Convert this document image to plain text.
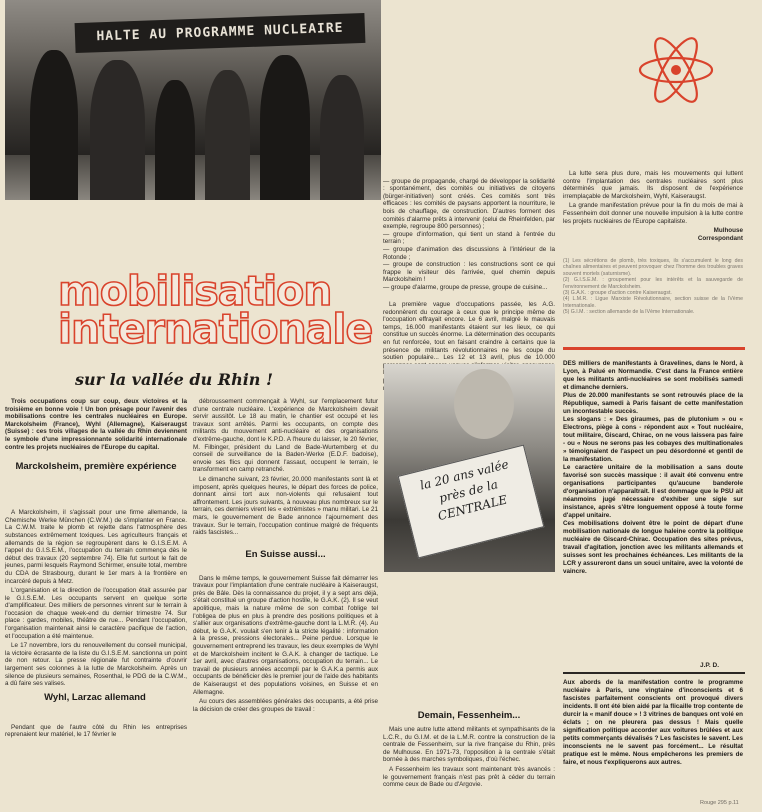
HALTE AU PROGRAMME NUCLEAIRE
mobilisation
internationale
sur la vallée du Rhin !

Trois occupations coup sur coup, deux victoires et la troisième en bonne voie ! Un bon présage pour l'avenir des mobilisations contre les centrales nucléaires en Europe. Marckolsheim (France), Wyhl (Allemagne), Kaiseraugst (Suisse) : ces trois villages de la vallée du Rhin deviennent le symbole d'une impressionnante solidarité internationale contre les projets nucléaires de l'Europe du capital.

Marckolsheim, première expérience

A Marckolsheim, il s'agissait pour une firme allemande, la Chemische Werke München (C.W.M.) de s'implanter en France. La C.W.M. traite le plomb et rejette dans l'atmosphère des substances extrêmement toxiques. Les agriculteurs français et allemands de la région se regroupèrent dans le G.I.S.E.M. A l'appel du G.I.S.E.M., l'occupation du terrain commença dès le début des travaux (20 septembre 74). Elle fut surtout le fait de jeunes, parmi lesquels Raymond Schirmer, ensuite total, membre du CDA de Strasbourg, durant le 1er mars à la frontière en incarcéré depuis à Metz.

L'organisation et la direction de l'occupation était assurée par le G.I.S.E.M. Les occupants servent en quelque sorte d'amplificateur. Des milliers de personnes vinrent sur le terrain à l'occasion de chaque week-end du dernier trimestre 74. Sur place : gardes, mobiles, théâtre de rue... Pendant l'occupation, l'organisation maintenait ainsi le caractère pacifique de l'action, et l'occupation a été maintenue.

Le 17 novembre, lors du renouvellement du conseil municipal, la victoire écrasante de la liste du G.I.S.E.M. sanctionna un point de non retour. La presse régionale fut contrainte d'ouvrir largement ses colonnes à la lutte de Marckolsheim. Après un silence de plusieurs semaines, Rosenthal, le PDG de la C.W.M., a dû faire ses valises.

Wyhl, Larzac allemand

Pendant que de l'autre côté du Rhin les entreprises reprenaient leur matériel, le 17 février le

débroussement commençait à Wyhl, sur l'emplacement futur d'une centrale nucléaire. L'expérience de Marckolsheim devait servir aussitôt. Le 18 au matin, le chantier est occupé et les travaux sont arrêtés. Parmi les occupants, on compte des militants du mouvement anti-nucléaire et des organisations d'extrême-gauche, dont le K.P.D. A l'heure du laisser, le 20 février, M. Filbinger, président du Land de Bade-Wurtemberg et du conseil de surveillance de la Baden-Werke (E.D.F. badoise), envoie ses flics qui donnent l'assaut, occupent le terrain, le transforment en camp retranché.

Le dimanche suivant, 23 février, 20.000 manifestants sont là et imposent, après quelques heures, le départ des forces de police, donnant ainsi tort aux non-violents qui refusaient tout affrontement. Les jours suivants, à nouveau plus nombreux sur le terrain, ces derniers virent les « extrémistes » manu militari. Le 21 mars, le gouvernement de Bade annonce l'ajournement des travaux. Sur le terrain, l'occupation continue malgré de fréquents raids fascistes...

En Suisse aussi...

Dans le même temps, le gouvernement Suisse fait démarrer les travaux pour l'implantation d'une centrale nucléaire à Kaiseraugst, près de Bâle. Dès la connaissance du projet, il y a sept ans déjà, s'était constitué un groupe d'action hostile, le G.A.K. (2). Il se veut apolitique, mais la nature même de son combat l'oblige tel l'obligea de plus en plus à prendre des positions politiques et à s'allier aux organisations d'extrême-gauche dont la L.M.R. (4). Au début, le G.A.K. voulait s'en tenir à la stricte légalité : information à la presse, pressions électorales... Peine perdue. Lorsque le gouvernement entreprend les travaux, les deux exemples de Wyhl et de Marckolsheim incitent le G.A.K. à changer de tactique. Le 1er avril, avec d'autres organisations, occupation du terrain... Le travail de plusieurs années accompli par le G.A.K.a permis aux occupants de bénéficier dès le premier jour de l'aide des habitants de Kaiseraugst et des populations voisines, en Suisse et en Allemagne.

Au cours des assemblées générales des occupants, a été prise la décision de créer des groupes de travail :

— groupe de propagande, chargé de développer la solidarité : spontanément, des comités ou initiatives de citoyens (bürger-initiativen) sont créés. Ces comités sont très efficaces : les comités de paysans apportent la nourriture, le bois de chauffage, de construction. D'autres forment des comités d'alarme prêts à intervenir (celui de Rheinfelden, par exemple, regroupe 800 personnes) ;
— groupe d'information, qui tient un stand à l'entrée du terrain ;
— groupe d'animation des discussions à l'intérieur de la Rotonde ;
— groupe de construction : les constructions sont ce qui frappe le visiteur dès l'arrivée, quel chemin depuis Marckolsheim !
— groupe d'alarme, groupe de presse, groupe de cuisine...

La première vague d'occupations passée, les A.G. redonnèrent du courage à ceux que le principe même de l'occupation effrayait encore. Le 6 avril, malgré le mauvais temps, 16.000 manifestants étaient sur les lieux, ce qui constitue un succès énorme. La détermination des occupants en fut renforcée, tout en faisant craindre à certains que la présence de militants révolutionnaires ne les coupe du soutien populaire... Les 12 et 13 avril, plus de 10.000

la 20 ans valée près de la CENTRALE
Demain, Fessenheim...

Mais une autre lutte attend militants et sympathisants de la L.C.R., du G.I.M. et de la L.M.R. contre la construction de la centrale de Fessenheim, sur la rive française du Rhin, près de Mulhouse. En 1971-73, l'opposition à la centrale s'était bornée à des marches symboliques, d'où l'échec.

A Fessenheim les travaux sont maintenant très avancés : le gouvernement français n'est pas prêt à céder du terrain comme ceux de Bade ou d'Argovie.

La lutte sera plus dure, mais les mouvements qui luttent contre l'implantation des centrales nucléaires sont plus déterminés que jamais. Ils disposent de l'expérience irremplaçable de Marckolsheim, Wyhl, Kaiseraugst.

La grande manifestation prévue pour la fin du mois de mai à Fessenheim doit donner une nouvelle impulsion à la lutte contre les projets nucléaires de l'Europe capitaliste.

Mulhouse
Correspondant
(1) Les sécrétions de plomb, très toxiques, ils s'accumulent le long des chaînes alimentaires et peuvent provoquer chez l'homme des troubles graves souvent mortels (saturnisme).
(2) G.I.S.E.M. : groupement pour les intérêts et la sauvegarde de l'environnement de Marckolsheim.
(3) G.A.K. : groupe d'action contre Kaiseraugst.
(4) L.M.R. : Ligue Marxiste Révolutionnaire, section suisse de la IVème Internationale.
(5) G.I.M. : section allemande de la IVème Internationale.
DES milliers de manifestants à Gravelines, dans le Nord, à Lyon, à Palué en Normandie. C'est dans la France entière que les militants anti-nucléaires se sont mobilisés samedi et dimanche derniers.
Plus de 20.000 manifestants se sont retrouvés place de la République, samedi à Paris faisant de cette manifestation un incontestable succès.
Les slogans : « Des giraumes, pas de plutonium » ou « Electrons, piège à cons - répondent aux « Tout nucléaire, tout militaire, Giscard, Chirac, on ne vous laissera pas faire - ou « Nous ne serons pas les cobayes des multinationales » témoignaient de l'aspect un peu désordonné et gentil de la manifestation.
Le caractère unitaire de la mobilisation a sans doute favorisé son succès massique : il avait été convenu entre organisations participantes qu'aucune banderole d'organisation n'apparaîtrait. Il est dommage que le PSU ait néanmoins jugé nécessaire d'exhiber une sigle sur insistance, après s'être longuement opposé à toute forme d'appel unitaire.
Ces mobilisations doivent être le point de départ d'une mobilisation nationale de longue haleine contre la politique nucléaire de Giscard-Chirac. Occupation des sites prévus, travail d'agitation, jonction avec les militants allemands et suisses sont les prochaines échéances. Les militants de la LCR y assureront dans un souci unitaire, avec la volonté de vaincre.
J.P. D.
Aux abords de la manifestation contre le programme nucléaire à Paris, une vingtaine d'inconscients et 6 fascistes parfaitement conscients ont provoqué divers incidents. Il ont été bien aidé par la flicaille trop contente de durcir la « manif douce » ! 3 vitrines de banques ont volé en éclats ; on ne pleurera pas dessus ! Mais quelle signification politique accorder aux voitures brûlées et aux petits commerçants dévalisés ? Les fascistes le savent. Les inconscients ne le savent pas forcément... Le résultat pratique est le même. Nous empêcherons les premiers de faire, et nous t'expliquerons aux autres.
Rouge 295 p.11
